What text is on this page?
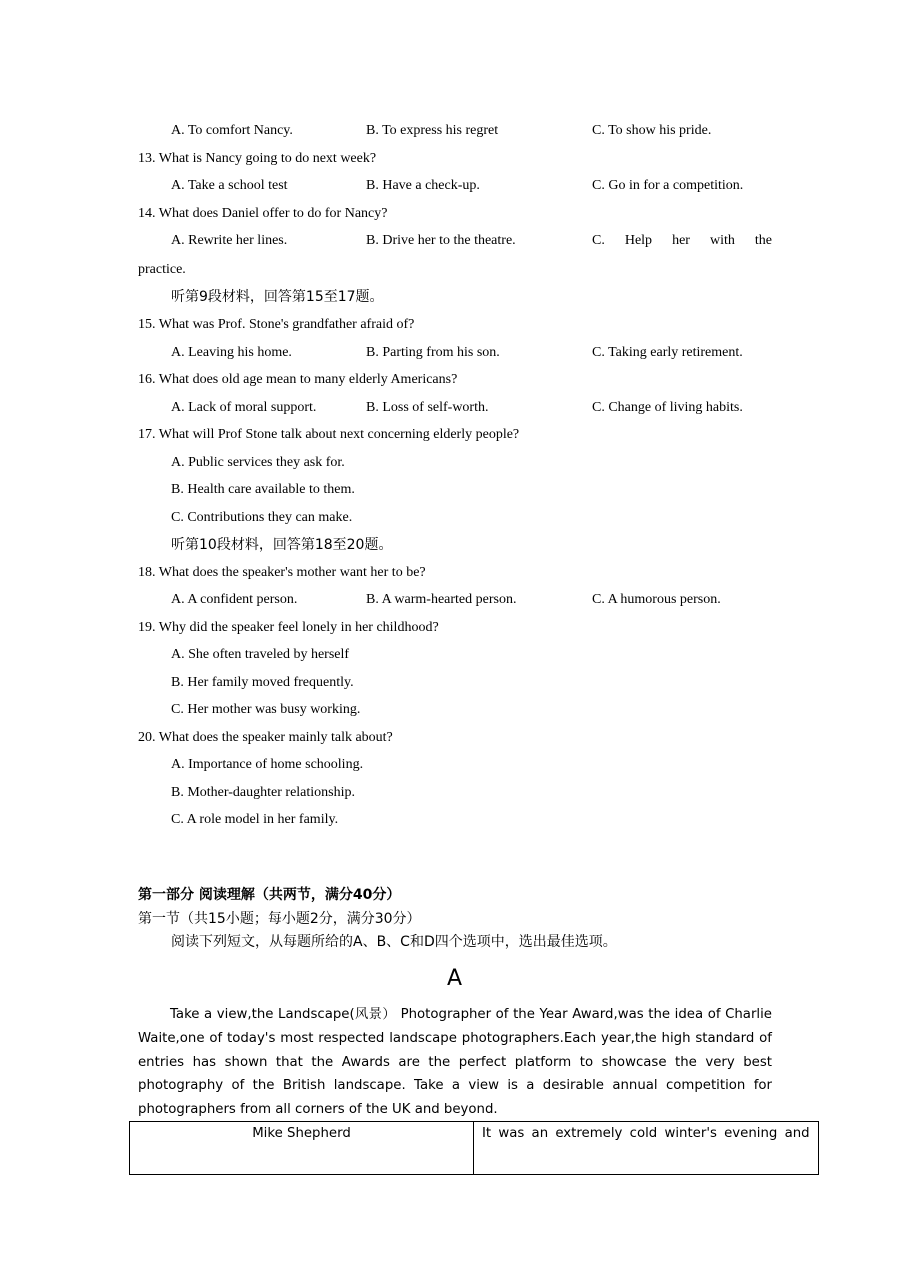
A. To comfort Nancy.	B. To express his regret	C. To show his pride.
13. What is Nancy going to do next week?
A. Take a school test	B. Have a check-up.	C. Go in for a competition.
14. What does Daniel offer to do for Nancy?
A. Rewrite her lines.	B. Drive her to the theatre.	C. Help her with the
practice.
听第9段材料，回答第15至17题。
15. What was Prof. Stone's grandfather afraid of?
A. Leaving his home.	B. Parting from his son.	C. Taking early retirement.
16. What does old age mean to many elderly Americans?
A. Lack of moral support.	B. Loss of self-worth.	C. Change of living habits.
17. What will Prof Stone talk about next concerning elderly people?
A. Public services they ask for.
B. Health care available to them.
C. Contributions they can make.
听第10段材料，回答第18至20题。
18. What does the speaker's mother want her to be?
A. A confident person.	B. A warm-hearted person.	C. A humorous person.
19. Why did the speaker feel lonely in her childhood?
A. She often traveled by herself
B. Her family moved frequently.
C. Her mother was busy working.
20. What does the speaker mainly talk about?
A. Importance of home schooling.
B. Mother-daughter relationship.
C. A role model in her family.
第一部分 阅读理解（共两节，满分40分）
第一节（共15小题；每小题2分，满分30分）
阅读下列短文，从每题所给的A、B、C和D四个选项中，选出最佳选项。
A
Take a view,the Landscape(风景） Photographer of the Year Award,was the idea of Charlie Waite,one of today's most respected landscape photographers.Each year,the high standard of entries has shown that the Awards are the perfect platform to showcase the very best photography of the British landscape. Take a view is a desirable annual competition for photographers from all corners of the UK and beyond.
Mike Shepherd	It was an extremely cold winter's evening and
